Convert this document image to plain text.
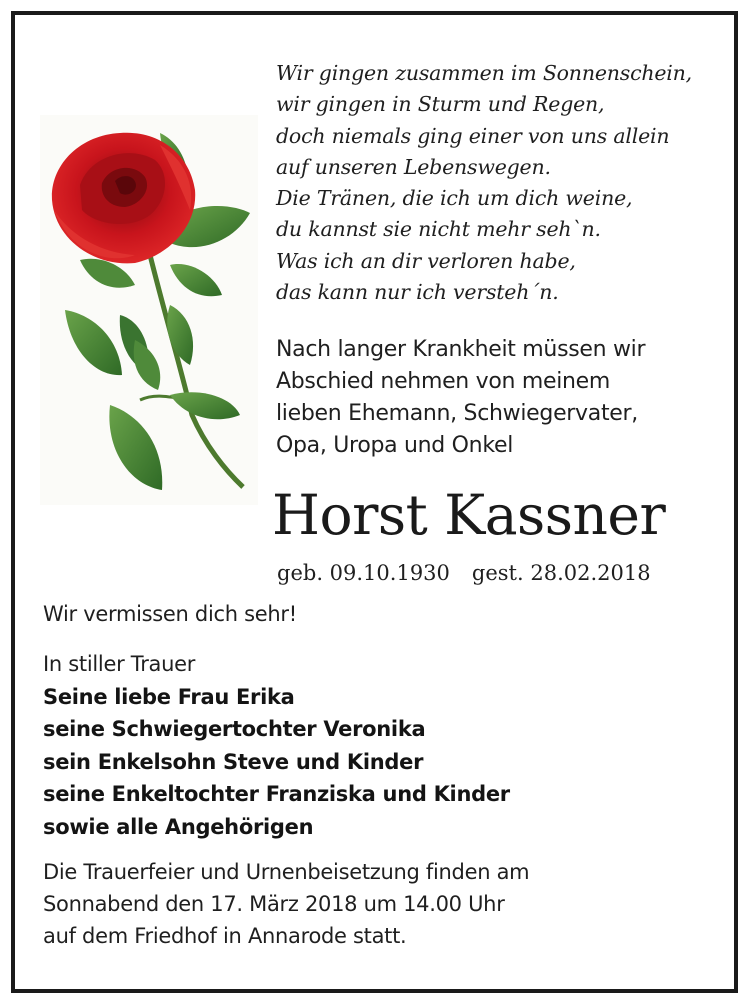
Wir gingen zusammen im Sonnenschein,
wir gingen in Sturm und Regen,
doch niemals ging einer von uns allein
auf unseren Lebenswegen.
Die Tränen, die ich um dich weine,
du kannst sie nicht mehr seh`n.
Was ich an dir verloren habe,
das kann nur ich versteh´n.
Nach langer Krankheit müssen wir
Abschied nehmen von meinem
lieben Ehemann, Schwiegervater,
Opa, Uropa und Onkel
Horst Kassner
geb. 09.10.1930 gest. 28.02.2018
Wir vermissen dich sehr!
In stiller Trauer
Seine liebe Frau Erika
seine Schwiegertochter Veronika
sein Enkelsohn Steve und Kinder
seine Enkeltochter Franziska und Kinder
sowie alle Angehörigen
Die Trauerfeier und Urnenbeisetzung finden am
Sonnabend den 17. März 2018 um 14.00 Uhr
auf dem Friedhof in Annarode statt.
